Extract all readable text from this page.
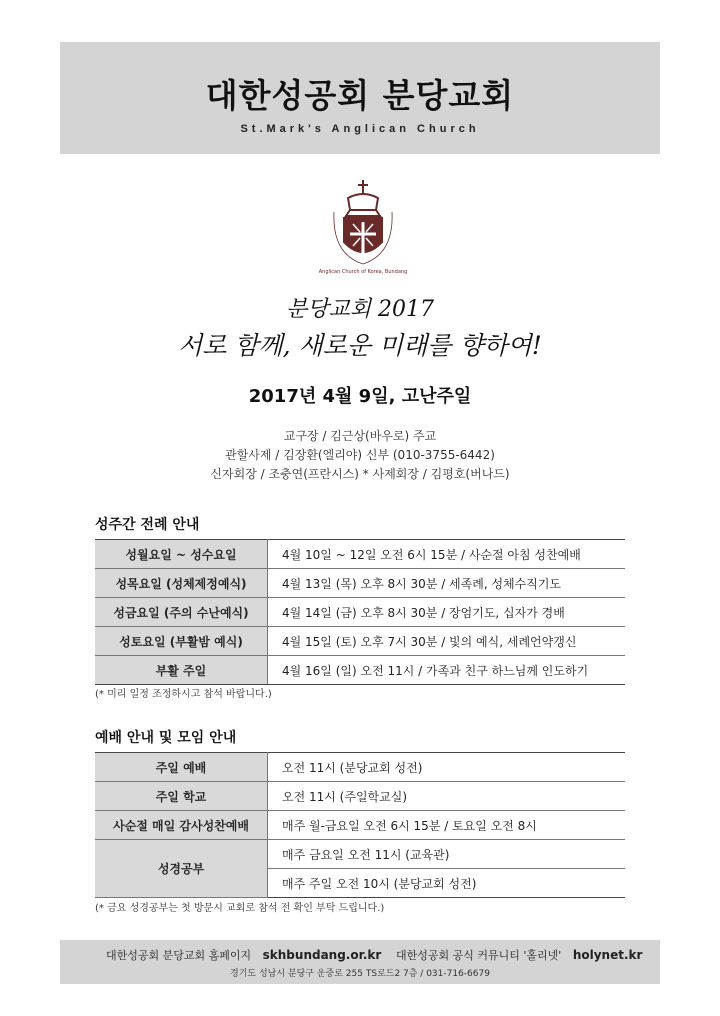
대한성공회 분당교회
St.Mark's Anglican Church
Anglican Church of Korea, Bundang
분당교회 2017
서로 함께, 새로운 미래를 향하여!
2017년 4월 9일, 고난주일
교구장 / 김근상(바우로) 주교
관할사제 / 김장환(엘리야) 신부 (010-3755-6442)
신자회장 / 조충연(프란시스) * 사제회장 / 김평호(버나드)
성주간 전례 안내
성월요일 ~ 성수요일	4월 10일 ~ 12일 오전 6시 15분 / 사순절 아침 성찬예배
성목요일 (성체제정예식)	4월 13일 (목) 오후 8시 30분 / 세족례, 성체수직기도
성금요일 (주의 수난예식)	4월 14일 (금) 오후 8시 30분 / 장엄기도, 십자가 경배
성토요일 (부활밤 예식)	4월 15일 (토) 오후 7시 30분 / 빛의 예식, 세례언약갱신
부활 주일	4월 16일 (일) 오전 11시 / 가족과 친구 하느님께 인도하기
(* 미리 일정 조정하시고 참석 바랍니다.)
예배 안내 및 모임 안내
주일 예배	오전 11시 (분당교회 성전)
주일 학교	오전 11시 (주일학교실)
사순절 매일 감사성찬예배	매주 월-금요일 오전 6시 15분 / 토요일 오전 8시
성경공부	매주 금요일 오전 11시 (교육관)
	매주 주일 오전 10시 (분당교회 성전)
(* 금요 성경공부는 첫 방문시 교회로 참석 전 확인 부탁 드립니다.)
대한성공회 분당교회 홈페이지 skhbundang.or.kr 대한성공회 공식 커뮤니티 '홀리넷' holynet.kr
경기도 성남시 분당구 운중로 255 TS로드2 7층 / 031-716-6679
